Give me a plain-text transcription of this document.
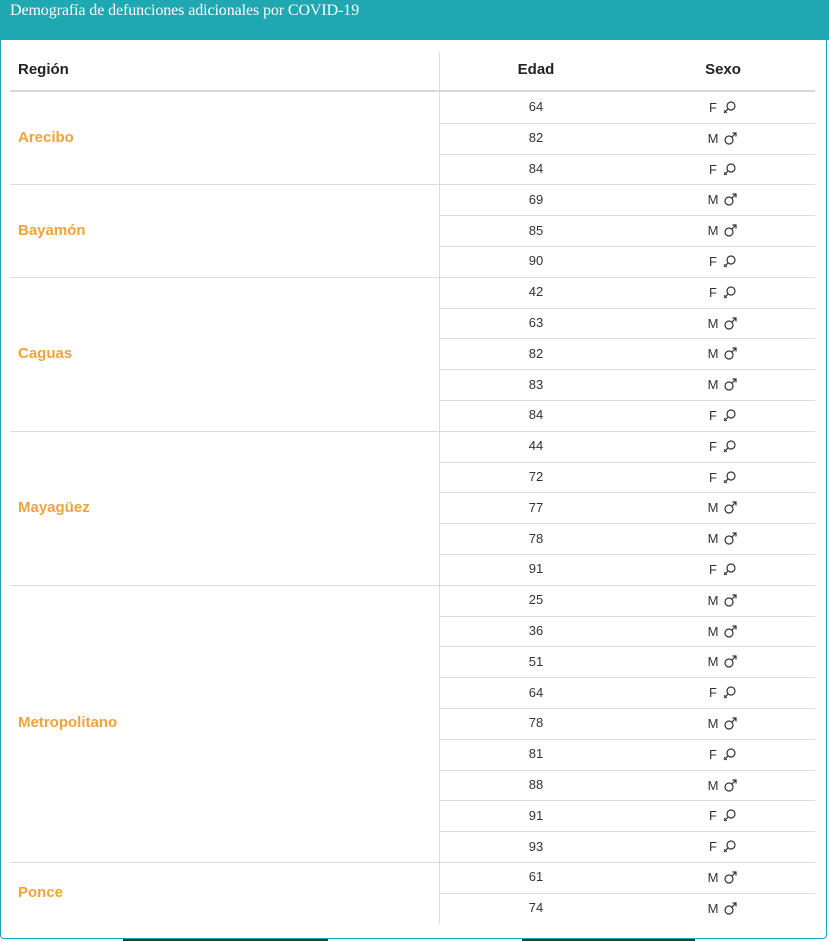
Demografía de defunciones adicionales por COVID-19
Región	Edad	Sexo
Arecibo
64	F
82	M
84	F
Bayamón
69	M
85	M
90	F
Caguas
42	F
63	M
82	M
83	M
84	F
Mayagüez
44	F
72	F
77	M
78	M
91	F
Metropolitano
25	M
36	M
51	M
64	F
78	M
81	F
88	M
91	F
93	F
Ponce
61	M
74	M
